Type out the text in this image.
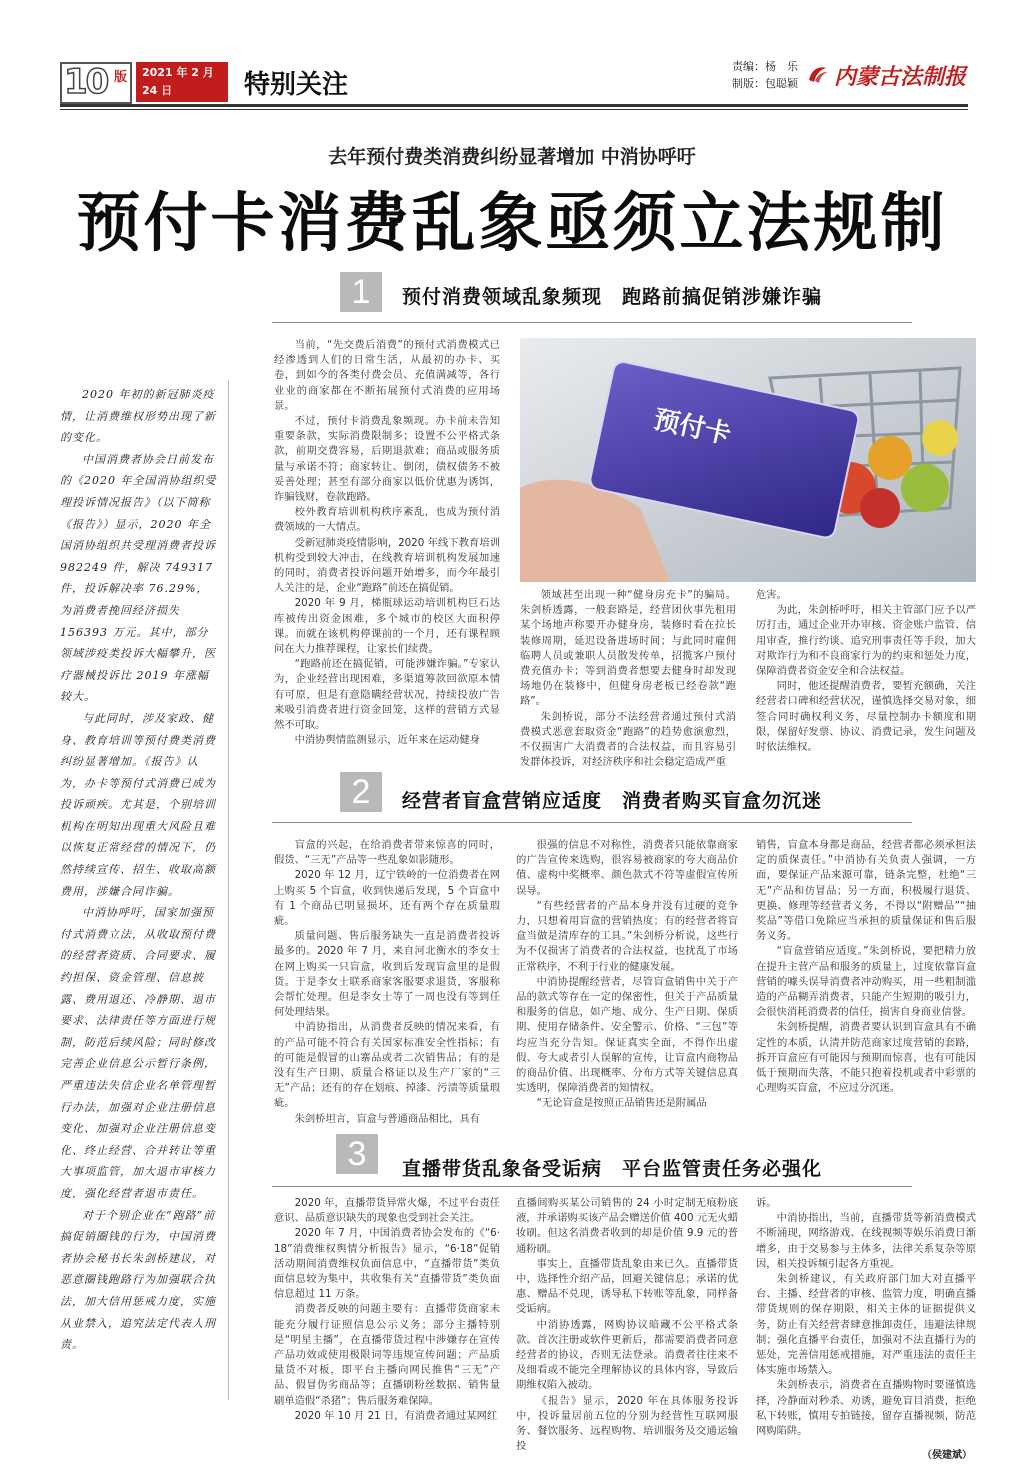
10 版 2021 年 2 月 24 日	特别关注
责编：杨　乐
制版：包聪颖 内蒙古法制报
去年预付费类消费纠纷显著增加 中消协呼吁
预付卡消费乱象亟须立法规制

2020 年初的新冠肺炎疫情，让消费维权形势出现了新的变化。

中国消费者协会日前发布的《2020 年全国消协组织受理投诉情况报告》（以下简称《报告》）显示，2020 年全国消协组织共受理消费者投诉 982249 件，解决 749317 件，投诉解决率 76.29%，为消费者挽回经济损失 156393 万元。其中，部分领域涉疫类投诉大幅攀升，医疗器械投诉比 2019 年涨幅较大。

与此同时，涉及家政、健身、教育培训等预付费类消费纠纷显著增加。《报告》认为，办卡等预付式消费已成为投诉顽疾。尤其是，个别培训机构在明知出现重大风险且难以恢复正常经营的情况下，仍然持续宣传、招生、收取高额费用，涉嫌合同诈骗。

中消协呼吁，国家加强预付式消费立法，从收取预付费的经营者资质、合同要求、履约担保、资金管理、信息披露、费用退还、冷静期、退市要求、法律责任等方面进行规制，防范后续风险；同时修改完善企业信息公示暂行条例，严重违法失信企业名单管理暂行办法，加强对企业注册信息变化、加强对企业注册信息变化、终止经营、合并转让等重大事项监管，加大退市审核力度，强化经营者退市责任。

对于个别企业在“跑路”前搞促销圈钱的行为，中国消费者协会秘书长朱剑桥建议，对恶意圈钱跑路行为加强联合执法，加大信用惩戒力度，实施从业禁入，追究法定代表人刑责。

1	预付消费领域乱象频现　跑路前搞促销涉嫌诈骗

当前，“先交费后消费”的预付式消费模式已经渗透到人们的日常生活，从最初的办卡、买卷，到如今的各类付费会员、充值满减等，各行业业的商家都在不断拓展预付式消费的应用场景。

不过，预付卡消费乱象频现。办卡前未告知重要条款，实际消费限制多；设置不公平格式条款，前期交费容易，后期退款难；商品或服务质量与承诺不符；商家转让、倒闭，债权债务不被妥善处理；甚至有部分商家以低价优惠为诱饵，诈骗钱财，卷款跑路。

校外教育培训机构秩序紊乱，也成为预付消费领域的一大情点。

受新冠肺炎疫情影响，2020 年线下教育培训机构受到较大冲击，在线教育培训机构发展加速的同时，消费者投诉问题开始增多，而今年最引人关注的是，企业“跑路”前还在搞促销。

2020 年 9 月，梯瓶球运动培训机构巨石达库被传出资金困难，多个城市的校区大面积停课。而就在该机构停课前的一个月，还有课程顾问在大力推荐课程，让家长们续费。

“跑路前还在搞促销，可能涉嫌诈骗。”专家认为，企业经营出现困难，多渠道筹款回欲原本情有可原，但是有意隐瞒经营状况，持续投放广告来吸引消费者进行资金回笼，这样的营销方式显然不可取。

中消协舆情监测显示，近年来在运动健身

预付卡

领域甚至出现一种“健身房充卡”的骗局。朱剑桥透露，一般套路是，经营团伙事先租用某个场地声称要开办健身房，装修时看在拉长装修周期，延迟设备进场时间；与此同时雇佣临聘人员或兼职人员散发传单，招揽客户预付费充值办卡；等到消费者想要去健身时却发现场地仍在装修中，但健身房老板已经卷款“跑路”。

朱剑桥说，部分不法经营者通过预付式消费模式恶意套取资金“跑路”的趋势愈演愈烈，不仅损害广大消费者的合法权益，而且容易引发群体投诉，对经济秩序和社会稳定造成严重

危害。

为此，朱剑桥呼吁，相关主管部门应予以严厉打击，通过企业开办审核、资金账户监管、信用审查，推行约谈、追究刑事责任等手段，加大对欺诈行为和不良商家行为的约束和惩处力度，保障消费者资金安全和合法权益。

同时，他还提醒消费者，要暂充额确，关注经营者口碑和经营状况，谨慎选择交易对象，细签合同时确权利义务，尽量控制办卡额度和期限，保留好发票、协议、消费记录，发生问题及时依法维权。

2	经营者盲盒营销应适度　消费者购买盲盒勿沉迷

盲盒的兴起，在给消费者带来惊喜的同时，假货、“三无”产品等一些乱象如影随形。

2020 年 12 月，辽宁铁岭的一位消费者在网上购买 5 个盲盒，收到快递后发现，5 个盲盒中有 1 个商品已明显损坏，还有两个存在质量瑕疵。

质量问题、售后服务缺失一直是消费者投诉最多的。2020 年 7 月，来自河北衡水的李女士在网上购买一只盲盒，收到后发现盲盒里的是假货。于是李女士联系商家客服要求退货，客服称会帮忙处理。但是李女士等了一周也没有等到任何处理结果。

中消协指出，从消费者反映的情况来看，有的产品可能不符合有关国家标准安全性指标；有的可能是假冒的山寨品或者二次销售品；有的是没有生产日期、质量合格证以及生产厂家的“三无”产品；还有的存在划痕、掉漆、污渍等质量瑕疵。

朱剑桥坦言，盲盒与普通商品相比，具有

很强的信息不对称性，消费者只能依靠商家的广告宣传来选购，很容易被商家的夸大商品价值、虚构中奖概率、颜色款式不符等虚假宣传所误导。

“有些经营者的产品本身并没有过硬的竞争力，只想着用盲盒的营销热度；有的经营者将盲盒当做是清库存的工具。”朱剑桥分析说，这些行为不仅损害了消费者的合法权益，也扰乱了市场正常秩序，不利于行业的健康发展。

中消协提醒经营者，尽管盲盒销售中关于产品的款式等存在一定的保密性，但关于产品质量和服务的信息，如产地、成分、生产日期、保质期、使用存储条件、安全警示、价格、“三包”等均应当充分告知。保证真实全面，不得作出虚假、夸大或者引人误解的宣传，让盲盒内商物品的商品价值、出现概率、分布方式等关键信息真实透明，保障消费者的知情权。

“无论盲盒是按照正品销售还是附属品

销售，盲盒本身都是商品，经营者都必须承担法定的质保责任。”中消协有关负责人强调，一方面，要保证产品来源可靠，链条完整，杜绝“三无”产品和仿冒品；另一方面，积极履行退货、更换、修理等经营者义务，不得以“附赠品”“抽奖品”等借口免除应当承担的质量保证和售后服务义务。

“盲盒营销应适度。”朱剑桥说，要把精力放在提升主营产品和服务的质量上，过度依靠盲盒营销的噱头误导消费者冲动购买，用一些粗制滥造的产品糊弄消费者，只能产生短期的吸引力，会很快消耗消费者的信任，损害自身商业信誉。

朱剑桥提醒，消费者要认识到盲盒具有不确定性的本质，认清并防范商家过度营销的套路，拆开盲盒应有可能因与预期而惊喜，也有可能因低于预期而失落，不能只抱着投机或者中彩票的心理购买盲盒，不应过分沉迷。

3	直播带货乱象备受诟病　平台监管责任务必强化

2020 年，直播带货异常火爆，不过平台责任意识、品质意识缺失的现象也受到社会关注。

2020 年 7 月，中国消费者协会发布的《“6·18”消费维权舆情分析报告》显示，“6·18”促销活动期间消费维权负面信息中，“直播带货”类负面信息较为集中，共收集有关“直播带货”类负面信息超过 11 万条。

消费者反映的问题主要有：直播带货商家未能充分履行证照信息公示义务；部分主播特别是“明星主播”，在直播带货过程中涉嫌存在宣传产品功效或使用极限词等违规宣传问题；产品质量货不对板，即平台主播向网民推售“三无”产品、假冒伪劣商品等；直播刷粉丝数据、销售量刷单造假“杀猪”；售后服务难保障。

2020 年 10 月 21 日，有消费者通过某网红

直播间购买某公司销售的 24 小时定制无痕粉底液，并承诺购买该产品会赠送价值 400 元无火蜡妆刷。但这名消费者收到的却是价值 9.9 元的普通粉刷。

事实上，直播带货乱象由来已久。直播带货中，选择性介绍产品，回避关键信息；承诺的优惠、赠品不兑现，诱导私下转账等乱象，同样备受诟病。

中消协透露，网购协议暗藏不公平格式条款。首次注册或软件更新后，都需要消费者同意经营者的协议，否则无法登录。消费者往往来不及细看或不能完全理解协议的具体内容，导致后期维权陷入被动。

《报告》显示，2020 年在具体服务投诉中，投诉量居前五位的分别为经营性互联网服务、餐饮服务、远程购物、培训服务及交通运输投

诉。

中消协指出，当前，直播带货等新消费模式不断涌现，网络游戏、在线视频等娱乐消费日渐增多，由于交易参与主体多，法律关系复杂等原因，相关投诉频引起各方重视。

朱剑桥建议，有关政府部门加大对直播平台、主播、经营者的审核、监管力度，明确直播带货规则的保存期限，相关主体的证据提供义务，防止有关经营者肆意推卸责任，违避法律规制；强化直播平台责任，加强对不法直播行为的惩处，完善信用惩戒措施，对严重违法的责任主体实施市场禁入。

朱剑桥表示，消费者在直播购物时要谨慎选择，冷静面对秒杀、劝诱，避免盲目消费，拒绝私下转账，慎用专拍链接，留存直播视频，防范网购陷阱。

（侯建斌）
